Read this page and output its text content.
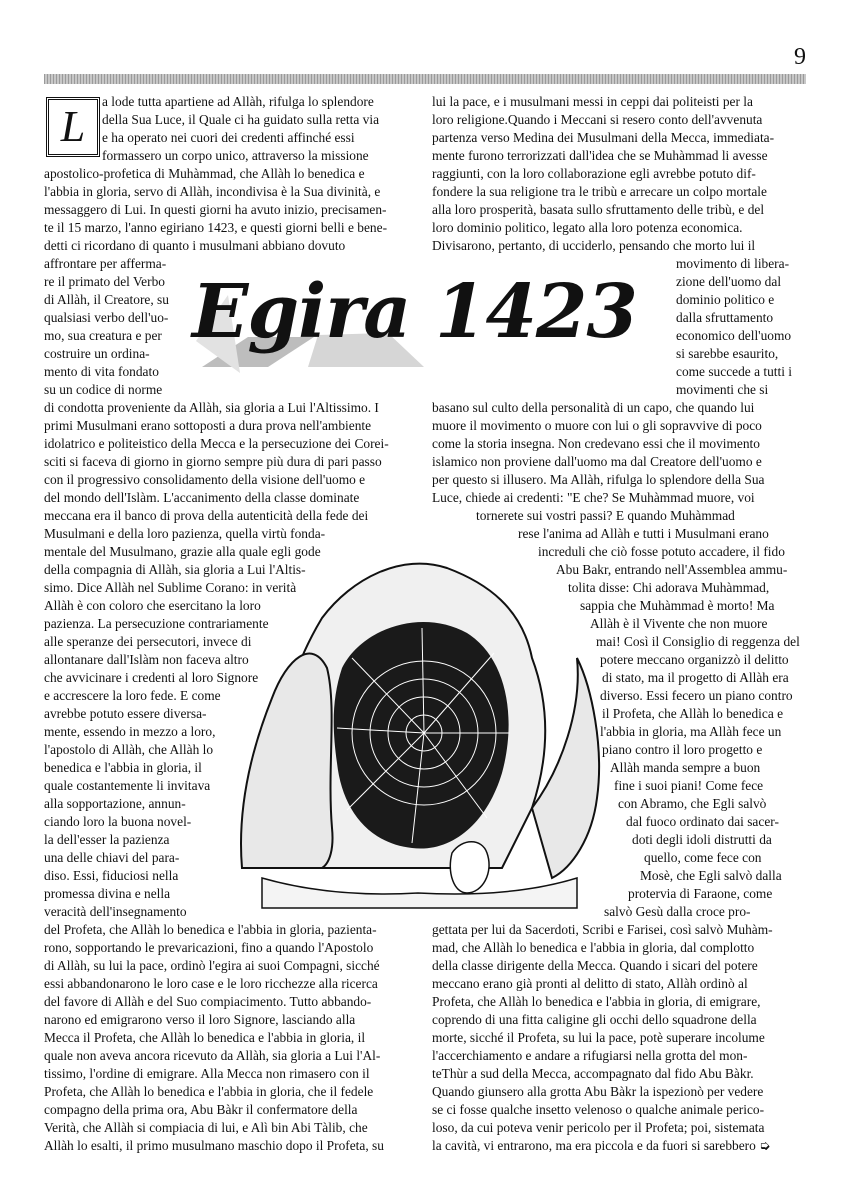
9
L
Egira 1423
a lode tutta apartiene ad Allàh, rifulga lo splendore
della Sua Luce, il Quale ci ha guidato sulla retta via
e ha operato nei cuori dei credenti affinché essi
formassero un corpo unico, attraverso la missione
apostolico-profetica di Muhàmmad, che Allàh lo benedica e
l'abbia in gloria, servo di Allàh, incondivisa è la Sua divinità, e
messaggero di Lui. In questi giorni ha avuto inizio, precisamen-
te il 15 marzo, l'anno egiriano 1423, e questi giorni belli e bene-
detti ci ricordano di quanto i musulmani abbiano dovuto
affrontare per afferma-
re il primato del Verbo
di Allàh, il Creatore, su
qualsiasi verbo dell'uo-
mo, sua creatura e per
costruire un ordina-
mento di vita fondato
su un codice di norme
di condotta proveniente da Allàh, sia gloria a Lui l'Altissimo. I
primi Musulmani erano sottoposti a dura prova nell'ambiente
idolatrico e politeistico della Mecca e la persecuzione dei Corei-
sciti si faceva di giorno in giorno sempre più dura di pari passo
con il progressivo consolidamento della visione dell'uomo e
del mondo dell'Islàm. L'accanimento della classe dominate
meccana era il banco di prova della autenticità della fede dei
Musulmani e della loro pazienza, quella virtù fonda-
mentale del Musulmano, grazie alla quale egli gode
della compagnia di Allàh, sia gloria a Lui l'Altis-
simo. Dice Allàh nel Sublime Corano: in verità
Allàh è con coloro che esercitano la loro
pazienza. La persecuzione contrariamente
alle speranze dei persecutori, invece di
allontanare dall'Islàm non faceva altro
che avvicinare i credenti al loro Signore
e accrescere la loro fede. E come
avrebbe potuto essere diversa-
mente, essendo in mezzo a loro,
l'apostolo di Allàh, che Allàh lo
benedica e l'abbia in gloria, il
quale costantemente li invitava
alla sopportazione, annun-
ciando loro la buona novel-
la dell'esser la pazienza
una delle chiavi del para-
diso. Essi, fiduciosi nella
promessa divina e nella
veracità dell'insegnamento
del Profeta, che Allàh lo benedica e l'abbia in gloria, pazienta-
rono, sopportando le prevaricazioni, fino a quando l'Apostolo
di Allàh, su lui la pace, ordinò l'egira ai suoi Compagni, sicché
essi abbandonarono le loro case e le loro ricchezze alla ricerca
del favore di Allàh e del Suo compiacimento. Tutto abbando-
narono ed emigrarono verso il loro Signore, lasciando alla
Mecca il Profeta, che Allàh lo benedica e l'abbia in gloria, il
quale non aveva ancora ricevuto da Allàh, sia gloria a Lui l'Al-
tissimo, l'ordine di emigrare. Alla Mecca non rimasero con il
Profeta, che Allàh lo benedica e l'abbia in gloria, che il fedele
compagno della prima ora, Abu Bàkr il confermatore della
Verità, che Allàh si compiacia di lui, e Alì bin Abi Tàlib, che
Allàh lo esalti, il primo musulmano maschio dopo il Profeta, su
lui la pace, e i musulmani messi in ceppi dai politeisti per la
loro religione.Quando i Meccani si resero conto dell'avvenuta
partenza verso Medina dei Musulmani della Mecca, immediata-
mente furono terrorizzati dall'idea che se Muhàmmad li avesse
raggiunti, con la loro collaborazione egli avrebbe potuto dif-
fondere la sua religione tra le tribù e arrecare un colpo mortale
alla loro prosperità, basata sullo sfruttamento delle tribù, e del
loro dominio politico, legato alla loro potenza economica.
Divisarono, pertanto, di ucciderlo, pensando che morto lui il
movimento di libera-
zione dell'uomo dal
dominio politico e
dalla sfruttamento
economico dell'uomo
si sarebbe esaurito,
come succede a tutti i
movimenti che si
basano sul culto della personalità di un capo, che quando lui
muore il movimento o muore con lui o gli sopravvive di poco
come la storia insegna. Non credevano essi che il movimento
islamico non proviene dall'uomo ma dal Creatore dell'uomo e
per questo si illusero. Ma Allàh, rifulga lo splendore della Sua
Luce, chiede ai credenti: "E che? Se Muhàmmad muore, voi
tornerete sui vostri passi? E quando Muhàmmad
rese l'anima ad Allàh e tutti i Musulmani erano
increduli che ciò fosse potuto accadere, il fido
Abu Bakr, entrando nell'Assemblea ammu-
tolita disse: Chi adorava Muhàmmad,
sappia che Muhàmmad è morto! Ma
Allàh è il Vivente che non muore
mai! Così il Consiglio di reggenza del
potere meccano organizzò il delitto
di stato, ma il progetto di Allàh era
diverso. Essi fecero un piano contro
il Profeta, che Allàh lo benedica e
l'abbia in gloria, ma Allàh fece un
piano contro il loro progetto e
Allàh manda sempre a buon
fine i suoi piani! Come fece
con Abramo, che Egli salvò
dal fuoco ordinato dai sacer-
doti degli idoli distrutti da
quello, come fece con
Mosè, che Egli salvò dalla
protervia di Faraone, come
salvò Gesù dalla croce pro-
gettata per lui da Sacerdoti, Scribi e Farisei, così salvò Muhàm-
mad, che Allàh lo benedica e l'abbia in gloria, dal complotto
della classe dirigente della Mecca. Quando i sicari del potere
meccano erano già pronti al delitto di stato, Allàh ordinò al
Profeta, che Allàh lo benedica e l'abbia in gloria, di emigrare,
coprendo di una fitta caligine gli occhi dello squadrone della
morte, sicché il Profeta, su lui la pace, potè superare incolume
l'accerchiamento e andare a rifugiarsi nella grotta del mon-
teThùr a sud della Mecca, accompagnato dal fido Abu Bàkr.
Quando giunsero alla grotta Abu Bàkr la ispezionò per vedere
se ci fosse qualche insetto velenoso o qualche animale perico-
loso, da cui poteva venir pericolo per il Profeta; poi, sistemata
la cavità, vi entrarono, ma era piccola e da fuori si sarebbero ➭
